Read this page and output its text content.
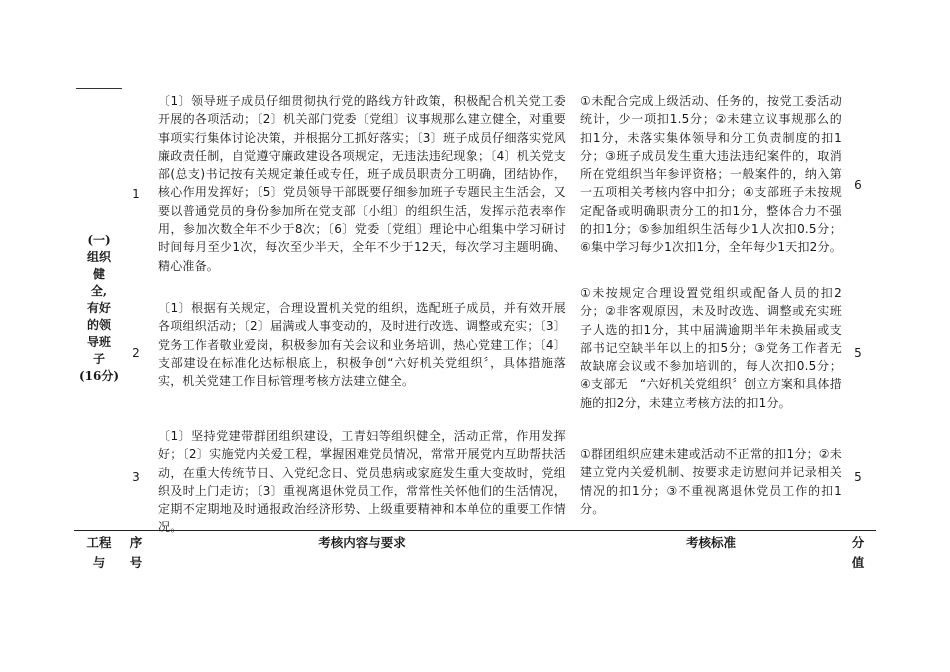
(一)
组织
健
全,
有好
的领
导班
子
(16分)
1
〔1〕领导班子成员仔细贯彻执行党的路线方针政策，积极配合机关党工委开展的各项活动；〔2〕机关部门党委〔党组〕议事规那么建立健全，对重要事项实行集体讨论决策，并根据分工抓好落实；〔3〕班子成员仔细落实党风廉政责任制，自觉遵守廉政建设各项规定，无违法违纪现象；〔4〕机关党支部(总支)书记按有关规定兼任或专任，班子成员职责分工明确，团结协作，核心作用发挥好；〔5〕党员领导干部既要仔细参加班子专题民主生活会，又要以普通党员的身份参加所在党支部〔小组〕的组织生活，发挥示范表率作用，参加次数全年不少于8次；〔6〕党委〔党组〕理论中心组集中学习研讨时间每月至少1次，每次至少半天，全年不少于12天，每次学习主题明确、精心准备。
①未配合完成上级活动、任务的，按党工委活动统计，少一项扣1.5分；②未建立议事规那么的扣1分，未落实集体领导和分工负责制度的扣1分；③班子成员发生重大违法违纪案件的，取消所在党组织当年参评资格；一般案件的，纳入第一五项相关考核内容中扣分；④支部班子未按规定配备或明确职责分工的扣1分，整体合力不强的扣1分；⑤参加组织生活每少1人次扣0.5分；⑥集中学习每少1次扣1分，全年每少1天扣2分。
6
2
〔1〕根据有关规定，合理设置机关党的组织，选配班子成员，并有效开展各项组织活动；〔2〕届满或人事变动的，及时进行改选、调整或充实；〔3〕党务工作者敬业爱岗，积极参加有关会议和业务培训，热心党建工作；〔4〕支部建设在标准化达标根底上，积极争创“六好机关党组织〞，具体措施落实，机关党建工作目标管理考核方法建立健全。
①未按规定合理设置党组织或配备人员的扣2分；②非客观原因，未及时改选、调整或充实班子人选的扣1分，其中届满逾期半年未换届或支部书记空缺半年以上的扣5分；③党务工作者无故缺席会议或不参加培训的，每人次扣0.5分；④支部无　“六好机关党组织〞创立方案和具体措施的扣2分，未建立考核方法的扣1分。
5
3
〔1〕坚持党建带群团组织建设，工青妇等组织健全，活动正常，作用发挥好；〔2〕实施党内关爱工程，掌握困难党员情况，常常开展党内互助帮扶活动，在重大传统节日、入党纪念日、党员患病或家庭发生重大变故时，党组织及时上门走访；〔3〕重视离退休党员工作，常常性关怀他们的生活情况，定期不定期地及时通报政治经济形势、上级重要精神和本单位的重要工作情况。
①群团组织应建未建或活动不正常的扣1分；②未建立党内关爱机制、按要求走访慰问并记录相关情况的扣1分；③不重视离退休党员工作的扣1分。
5
工程
与
序
号
考核内容与要求	考核标准	分
值
